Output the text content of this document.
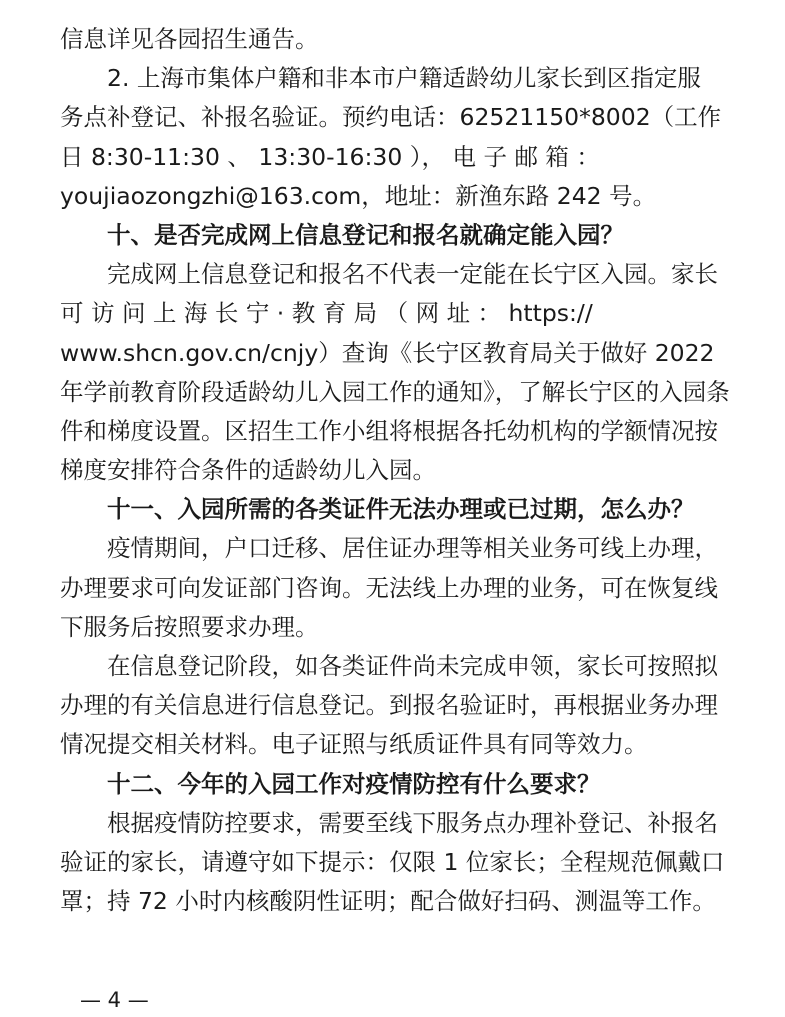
信息详见各园招生通告。
2. 上海市集体户籍和非本市户籍适龄幼儿家长到区指定服
务点补登记、补报名验证。预约电话：62521150*8002（工作
日 8:30-11:30 、 13:30-16:30 ）， 电 子 邮 箱 ：
youjiaozongzhi@163.com，地址：新渔东路 242 号。
十、是否完成网上信息登记和报名就确定能入园？
完成网上信息登记和报名不代表一定能在长宁区入园。家长
可 访 问 上 海 长 宁 · 教 育 局 （ 网 址 ： https://
www.shcn.gov.cn/cnjy）查询《长宁区教育局关于做好 2022
年学前教育阶段适龄幼儿入园工作的通知》，了解长宁区的入园条
件和梯度设置。区招生工作小组将根据各托幼机构的学额情况按
梯度安排符合条件的适龄幼儿入园。
十一、入园所需的各类证件无法办理或已过期，怎么办？
疫情期间，户口迁移、居住证办理等相关业务可线上办理，
办理要求可向发证部门咨询。无法线上办理的业务，可在恢复线
下服务后按照要求办理。
在信息登记阶段，如各类证件尚未完成申领，家长可按照拟
办理的有关信息进行信息登记。到报名验证时，再根据业务办理
情况提交相关材料。电子证照与纸质证件具有同等效力。
十二、今年的入园工作对疫情防控有什么要求？
根据疫情防控要求，需要至线下服务点办理补登记、补报名
验证的家长，请遵守如下提示：仅限 1 位家长；全程规范佩戴口
罩；持 72 小时内核酸阴性证明；配合做好扫码、测温等工作。
— 4 —
